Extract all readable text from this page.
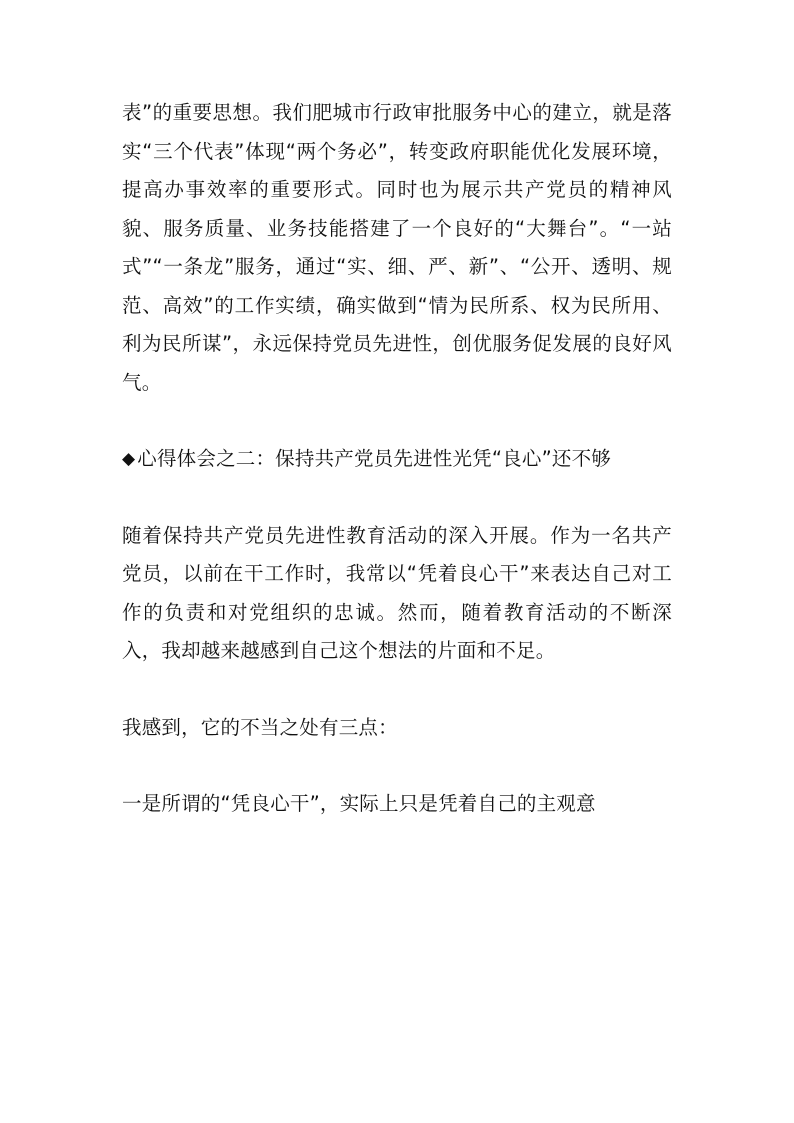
表”的重要思想。我们肥城市行政审批服务中心的建立，就是落实“三个代表”体现“两个务必”，转变政府职能优化发展环境，提高办事效率的重要形式。同时也为展示共产党员的精神风貌、服务质量、业务技能搭建了一个良好的“大舞台”。“一站式”“一条龙”服务，通过“实、细、严、新”、“公开、透明、规范、高效”的工作实绩，确实做到“情为民所系、权为民所用、利为民所谋”，永远保持党员先进性，创优服务促发展的良好风气。

◆ 心得体会之二：保持共产党员先进性光凭“良心”还不够

随着保持共产党员先进性教育活动的深入开展。作为一名共产党员，以前在干工作时，我常以“凭着良心干”来表达自己对工作的负责和对党组织的忠诚。然而，随着教育活动的不断深入，我却越来越感到自己这个想法的片面和不足。

我感到，它的不当之处有三点：

一是所谓的“凭良心干”，实际上只是凭着自己的主观意
